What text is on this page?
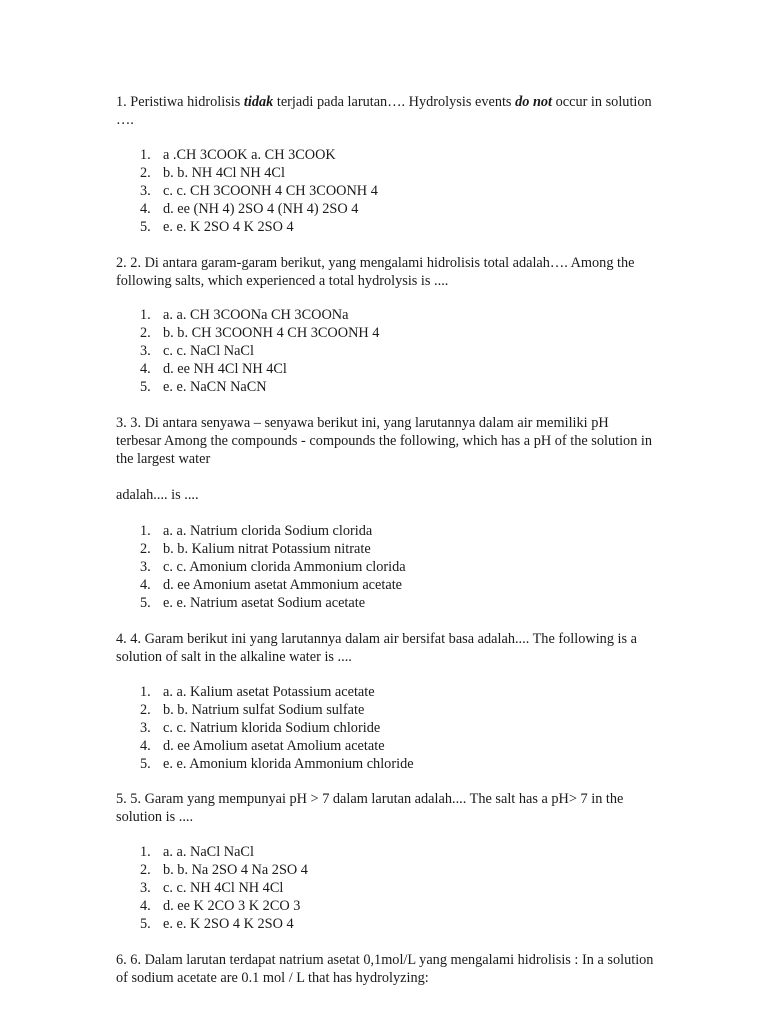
1. Peristiwa hidrolisis tidak terjadi pada larutan…. Hydrolysis events do not occur in solution ….

1. a .CH 3COOK a. CH 3COOK
2. b. b. NH 4Cl NH 4Cl
3. c. c. CH 3COONH 4 CH 3COONH 4
4. d. ee (NH 4) 2SO 4 (NH 4) 2SO 4
5. e. e. K 2SO 4 K 2SO 4

2. 2. Di antara garam-garam berikut, yang mengalami hidrolisis total adalah…. Among the following salts, which experienced a total hydrolysis is ....

1. a. a. CH 3COONa CH 3COONa
2. b. b. CH 3COONH 4 CH 3COONH 4
3. c. c. NaCl NaCl
4. d. ee NH 4Cl NH 4Cl
5. e. e. NaCN NaCN

3. 3. Di antara senyawa – senyawa berikut ini, yang larutannya dalam air memiliki pH terbesar Among the compounds - compounds the following, which has a pH of the solution in the largest water

adalah.... is ....

1. a. a. Natrium clorida Sodium clorida
2. b. b. Kalium nitrat Potassium nitrate
3. c. c. Amonium clorida Ammonium clorida
4. d. ee Amonium asetat Ammonium acetate
5. e. e. Natrium asetat Sodium acetate

4. 4. Garam berikut ini yang larutannya dalam air bersifat basa adalah.... The following is a solution of salt in the alkaline water is ....

1. a. a. Kalium asetat Potassium acetate
2. b. b. Natrium sulfat Sodium sulfate
3. c. c. Natrium klorida Sodium chloride
4. d. ee Amolium asetat Amolium acetate
5. e. e. Amonium klorida Ammonium chloride

5. 5. Garam yang mempunyai pH > 7 dalam larutan adalah.... The salt has a pH> 7 in the solution is ....

1. a. a. NaCl NaCl
2. b. b. Na 2SO 4 Na 2SO 4
3. c. c. NH 4Cl NH 4Cl
4. d. ee K 2CO 3 K 2CO 3
5. e. e. K 2SO 4 K 2SO 4

6. 6. Dalam larutan terdapat natrium asetat 0,1mol/L yang mengalami hidrolisis : In a solution of sodium acetate are 0.1 mol / L that has hydrolyzing:
